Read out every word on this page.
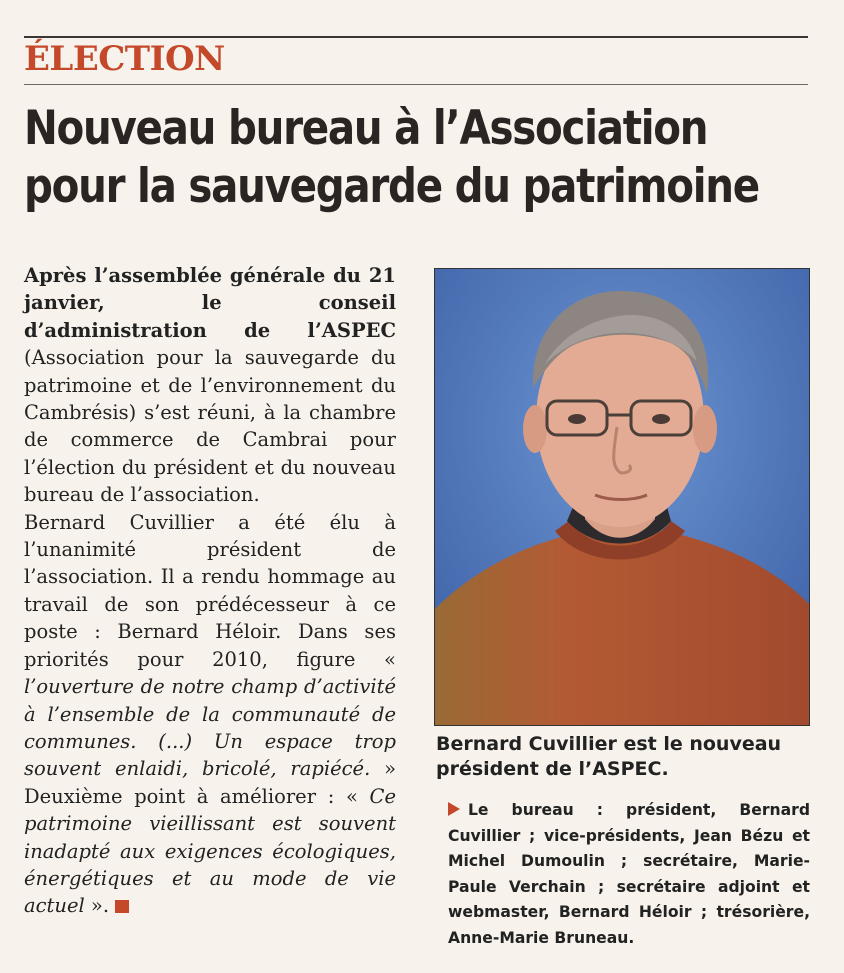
ÉLECTION
Nouveau bureau à l’Association
pour la sauvegarde du patrimoine

Après l’assemblée générale du 21 janvier, le conseil d’administration de l’ASPEC (Association pour la sauvegarde du patrimoine et de l’environnement du Cambrésis) s’est réuni, à la chambre de commerce de Cambrai pour l’élection du président et du nouveau bureau de l’association.

Bernard Cuvillier a été élu à l’unanimité président de l’association. Il a rendu hommage au travail de son prédécesseur à ce poste : Bernard Héloir. Dans ses priorités pour 2010, figure « l’ouverture de notre champ d’activité à l’ensemble de la communauté de communes. (...) Un espace trop souvent enlaidi, bricolé, rapiécé. » Deuxième point à améliorer : « Ce patrimoine vieillissant est souvent inadapté aux exigences écologiques, énergétiques et au mode de vie actuel ».

Bernard Cuvillier est le nouveau président de l’ASPEC.
Le bureau : président, Bernard Cuvillier ; vice-présidents, Jean Bézu et Michel Dumoulin ; secrétaire, Marie-Paule Verchain ; secrétaire adjoint et webmaster, Bernard Héloir ; trésorière, Anne-Marie Bruneau.
